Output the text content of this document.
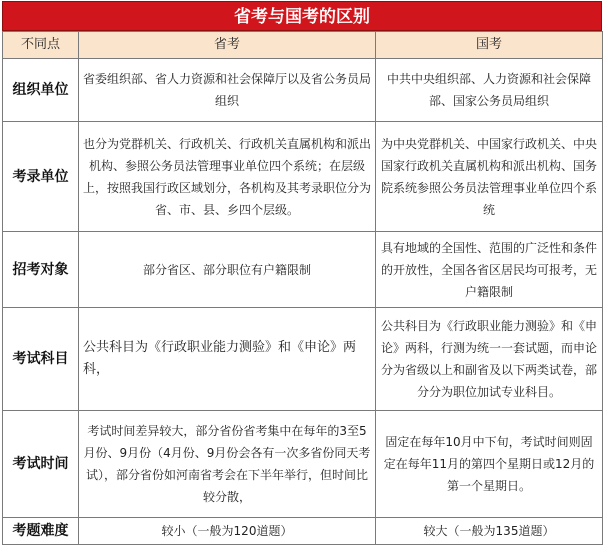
省考与国考的区别
不同点	省考	国考
组织单位	省委组织部、省人力资源和社会保障厅以及省公务员局组织	中共中央组织部、人力资源和社会保障部、国家公务员局组织
考录单位	也分为党群机关、行政机关、行政机关直属机构和派出机构、参照公务员法管理事业单位四个系统；在层级上，按照我国行政区域划分，各机构及其考录职位分为省、市、县、乡四个层级。	为中央党群机关、中国家行政机关、中央国家行政机关直属机构和派出机构、国务院系统参照公务员法管理事业单位四个系统
招考对象	部分省区、部分职位有户籍限制	具有地域的全国性、范围的广泛性和条件的开放性，全国各省区居民均可报考，无户籍限制
考试科目	公共科目为《行政职业能力测验》和《申论》两科，	公共科目为《行政职业能力测验》和《申论》两科，行测为统一一套试题，而申论分为省级以上和副省及以下两类试卷，部分分为职位加试专业科目。
考试时间	考试时间差异较大，部分省份省考集中在每年的3至5月份、9月份（4月份、9月份会各有一次多省份同天考试），部分省份如河南省考会在下半年举行，但时间比较分散，	固定在每年10月中下旬，考试时间则固定在每年11月的第四个星期日或12月的第一个星期日。
考题难度	较小（一般为120道题）	较大（一般为135道题）
